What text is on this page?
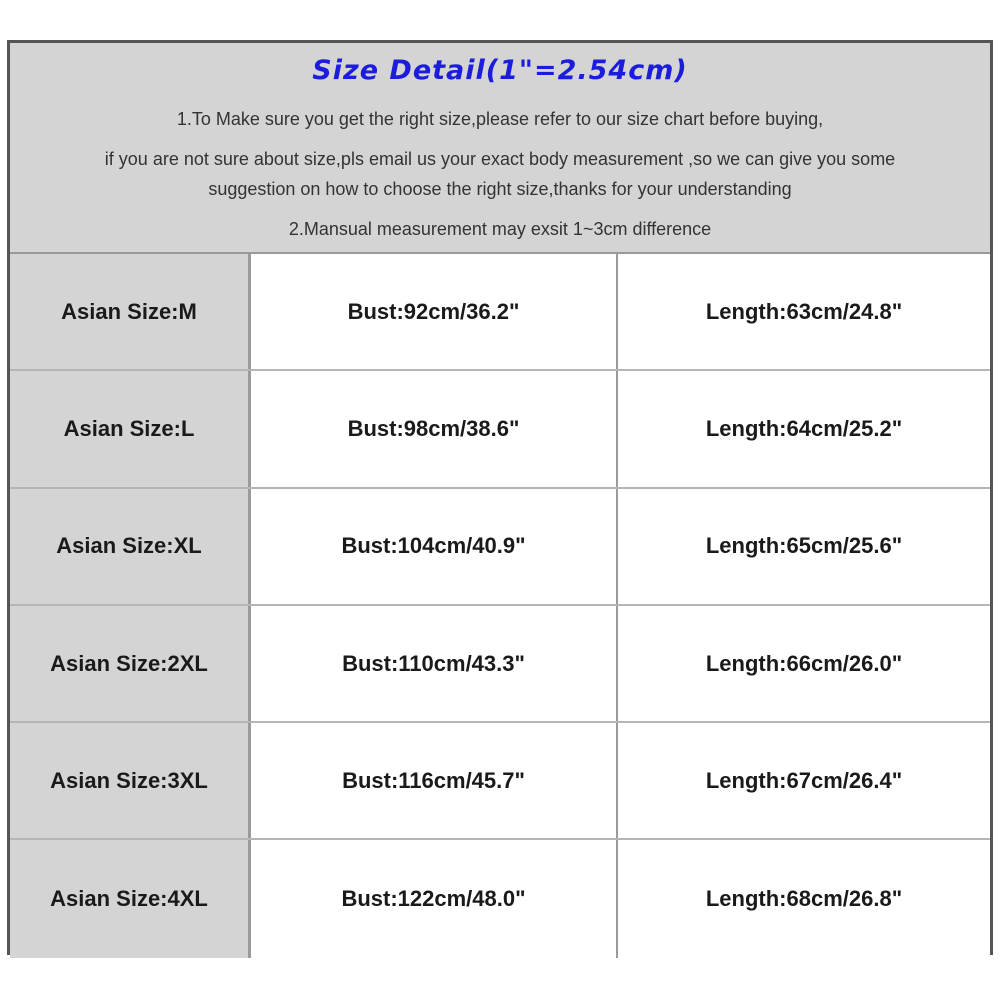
Size Detail(1"=2.54cm)
1.To Make sure you get the right size,please refer to our size chart before buying,
if you are not sure about size,pls email us your exact body measurement ,so we can give you some
suggestion on how to choose the right size,thanks for your understanding
2.Mansual measurement may exsit 1~3cm difference
Asian Size:M	Bust:92cm/36.2"	Length:63cm/24.8"
Asian Size:L	Bust:98cm/38.6"	Length:64cm/25.2"
Asian Size:XL	Bust:104cm/40.9"	Length:65cm/25.6"
Asian Size:2XL	Bust:110cm/43.3"	Length:66cm/26.0"
Asian Size:3XL	Bust:116cm/45.7"	Length:67cm/26.4"
Asian Size:4XL	Bust:122cm/48.0"	Length:68cm/26.8"
